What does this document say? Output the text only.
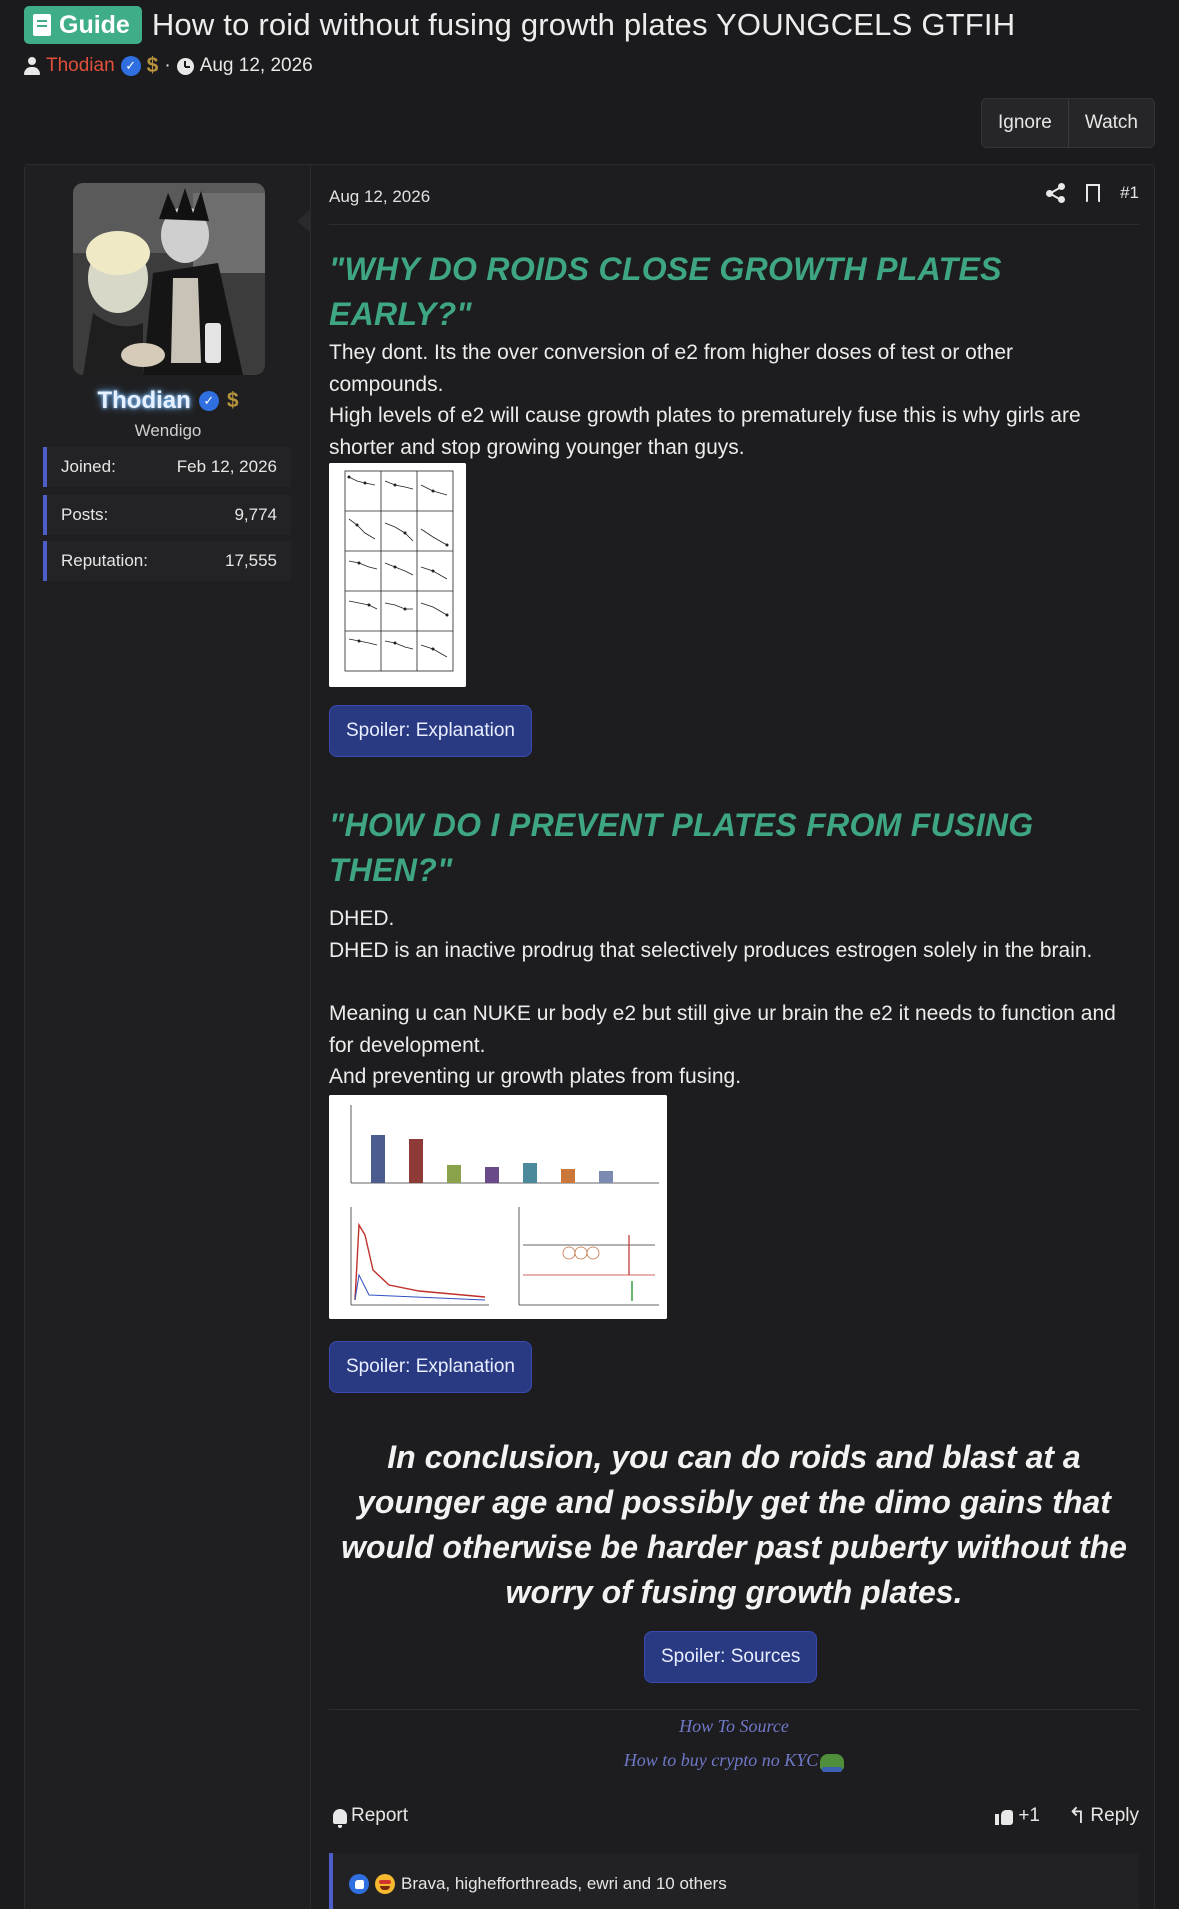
Guide How to roid without fusing growth plates YOUNGCELS GTFIH
Thodian ✓ $ · Aug 12, 2026
Ignore	Watch
Thodian ✓ $
Wendigo
Joined:	Feb 12, 2026
Posts:	9,774
Reputation:	17,555
Aug 12, 2026	#1
"WHY DO ROIDS CLOSE GROWTH PLATES EARLY?"

They dont. Its the over conversion of e2 from higher doses of test or other compounds.

High levels of e2 will cause growth plates to prematurely fuse this is why girls are shorter and stop growing younger than guys.

Spoiler: Explanation
"HOW DO I PREVENT PLATES FROM FUSING THEN?"

DHED.

DHED is an inactive prodrug that selectively produces estrogen solely in the brain.

Meaning u can NUKE ur body e2 but still give ur brain the e2 it needs to function and for development.

And preventing ur growth plates from fusing.

Spoiler: Explanation
In conclusion, you can do roids and blast at a younger age and possibly get the dimo gains that would otherwise be harder past puberty without the worry of fusing growth plates.
Spoiler: Sources
How To Source
How to buy crypto no KYC
Report	+1 ↰ Reply
Brava, highefforthreads, ewri and 10 others
